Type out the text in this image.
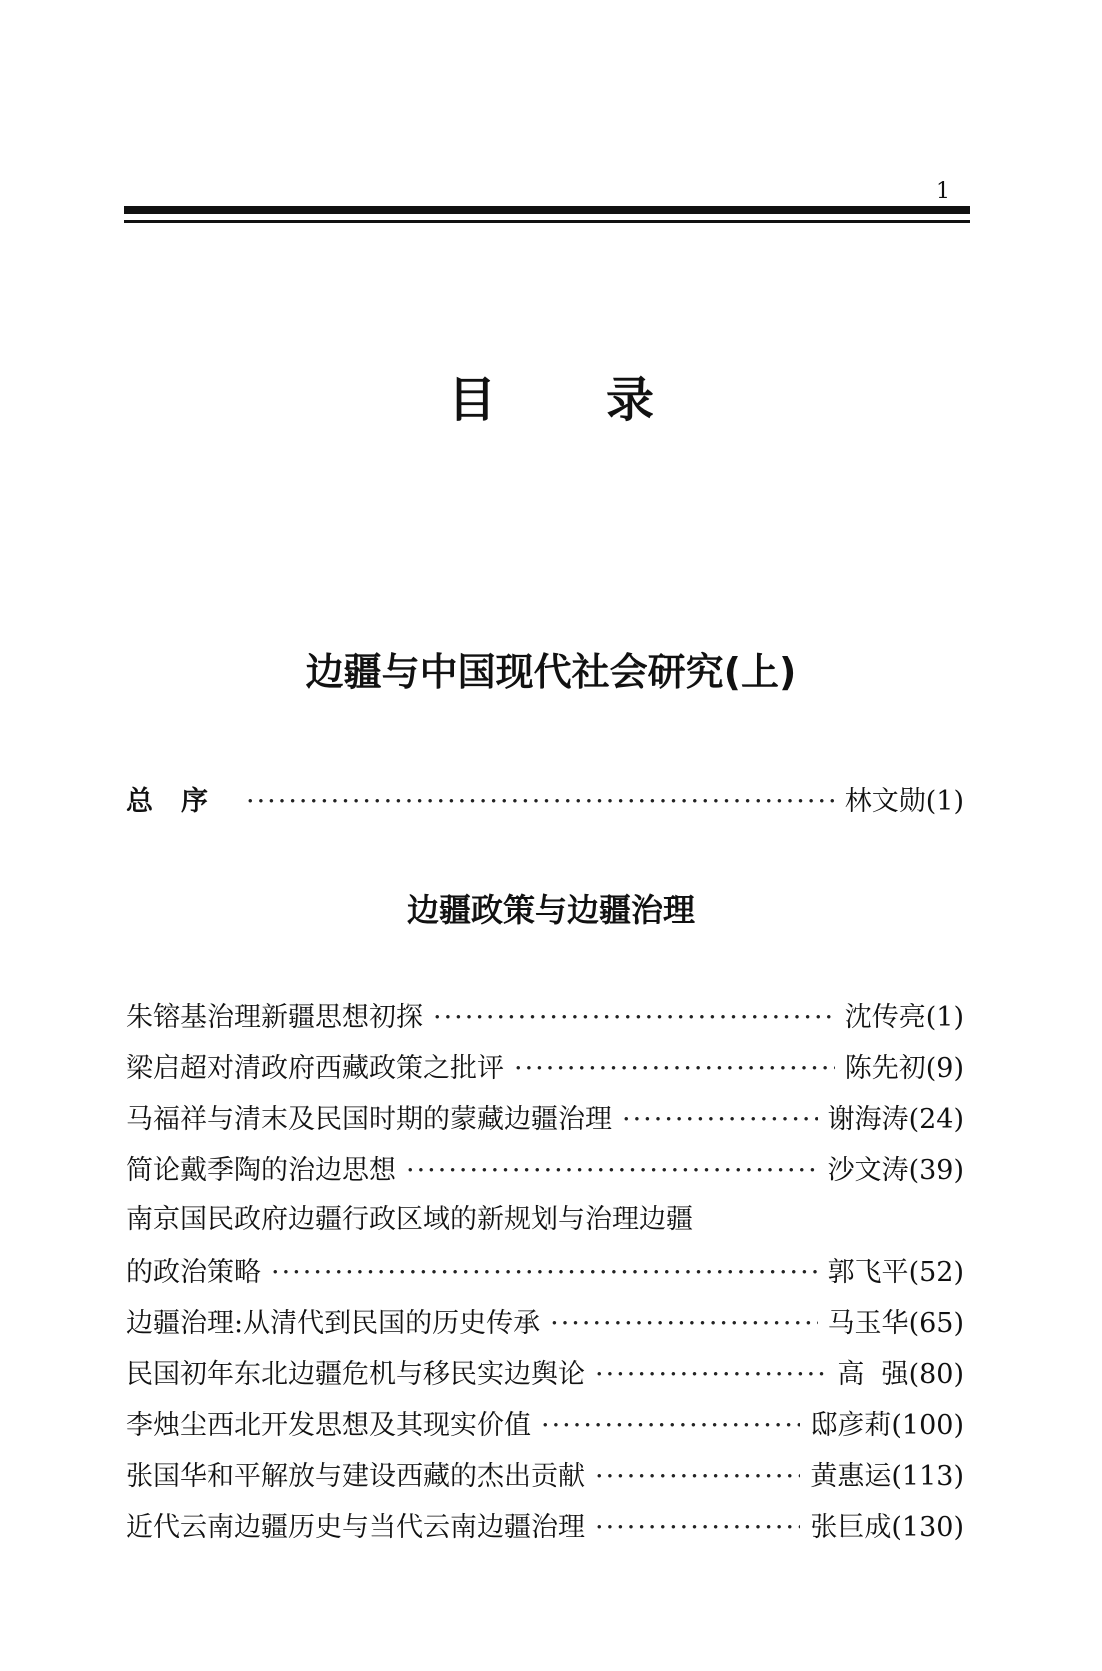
1
目录
边疆与中国现代社会研究(上)
总序 ·····	林文勋(1)
边疆政策与边疆治理
朱镕基治理新疆思想初探 ·····	沈传亮(1)
梁启超对清政府西藏政策之批评 ·····	陈先初(9)
马福祥与清末及民国时期的蒙藏边疆治理 ·····	谢海涛(24)
简论戴季陶的治边思想 ·····	沙文涛(39)
南京国民政府边疆行政区域的新规划与治理边疆
的政治策略 ·····	郭飞平(52)
边疆治理:从清代到民国的历史传承 ·····	马玉华(65)
民国初年东北边疆危机与移民实边舆论 ·····	高  强(80)
李烛尘西北开发思想及其现实价值 ·····	邸彦莉(100)
张国华和平解放与建设西藏的杰出贡献 ·····	黄惠运(113)
近代云南边疆历史与当代云南边疆治理 ·····	张巨成(130)
